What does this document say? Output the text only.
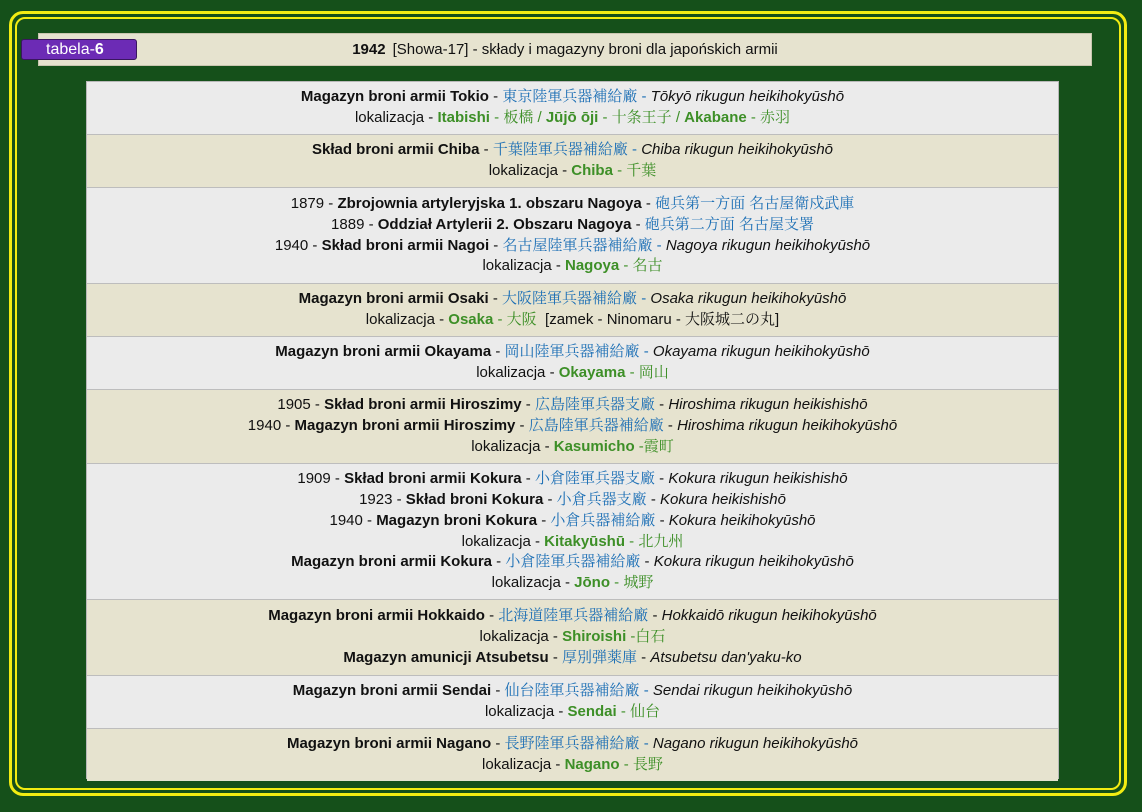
1942 [Showa-17] - składy i magazyny broni dla japońskich armii
tabela- 6
Magazyn broni armii Tokio - 東京陸軍兵器補給廠 - Tōkyō rikugun heikihokyūshō
lokalizacja - Itabishi - 板橋 / Jūjō ōji - 十条王子 / Akabane - 赤羽
Skład broni armii Chiba - 千葉陸軍兵器補給廠 - Chiba rikugun heikihokyūshō
lokalizacja - Chiba - 千葉
1879 - Zbrojownia artyleryjska 1. obszaru Nagoya - 砲兵第一方面 名古屋衛戍武庫
1889 - Oddział Artylerii 2. Obszaru Nagoya - 砲兵第二方面 名古屋支署
1940 - Skład broni armii Nagoi - 名古屋陸軍兵器補給廠 - Nagoya rikugun heikihokyūshō
lokalizacja - Nagoya - 名古
Magazyn broni armii Osaki - 大阪陸軍兵器補給廠 - Osaka rikugun heikihokyūshō
lokalizacja - Osaka - 大阪  [zamek - Ninomaru - 大阪城二の丸]
Magazyn broni armii Okayama - 岡山陸軍兵器補給廠 - Okayama rikugun heikihokyūshō
lokalizacja - Okayama - 岡山
1905 - Skład broni armii Hiroszimy - 広島陸軍兵器支廠 - Hiroshima rikugun heikishishō
1940 - Magazyn broni armii Hiroszimy - 広島陸軍兵器補給廠 - Hiroshima rikugun heikihokyūshō
lokalizacja - Kasumicho -霞町
1909 - Skład broni armii Kokura - 小倉陸軍兵器支廠 - Kokura rikugun heikishishō
1923 - Skład broni Kokura - 小倉兵器支廠 - Kokura heikishishō
1940 - Magazyn broni Kokura - 小倉兵器補給廠 - Kokura heikihokyūshō
lokalizacja - Kitakyūshū - 北九州
Magazyn broni armii Kokura - 小倉陸軍兵器補給廠 - Kokura rikugun heikihokyūshō
lokalizacja - Jōno - 城野
Magazyn broni armii Hokkaido - 北海道陸軍兵器補給廠 - Hokkaidō rikugun heikihokyūshō
lokalizacja - Shiroishi -白石
Magazyn amunicji Atsubetsu - 厚別弾薬庫 - Atsubetsu dan'yaku-ko
Magazyn broni armii Sendai - 仙台陸軍兵器補給廠 - Sendai rikugun heikihokyūshō
lokalizacja - Sendai - 仙台
Magazyn broni armii Nagano - 長野陸軍兵器補給廠 - Nagano rikugun heikihokyūshō
lokalizacja - Nagano - 長野
